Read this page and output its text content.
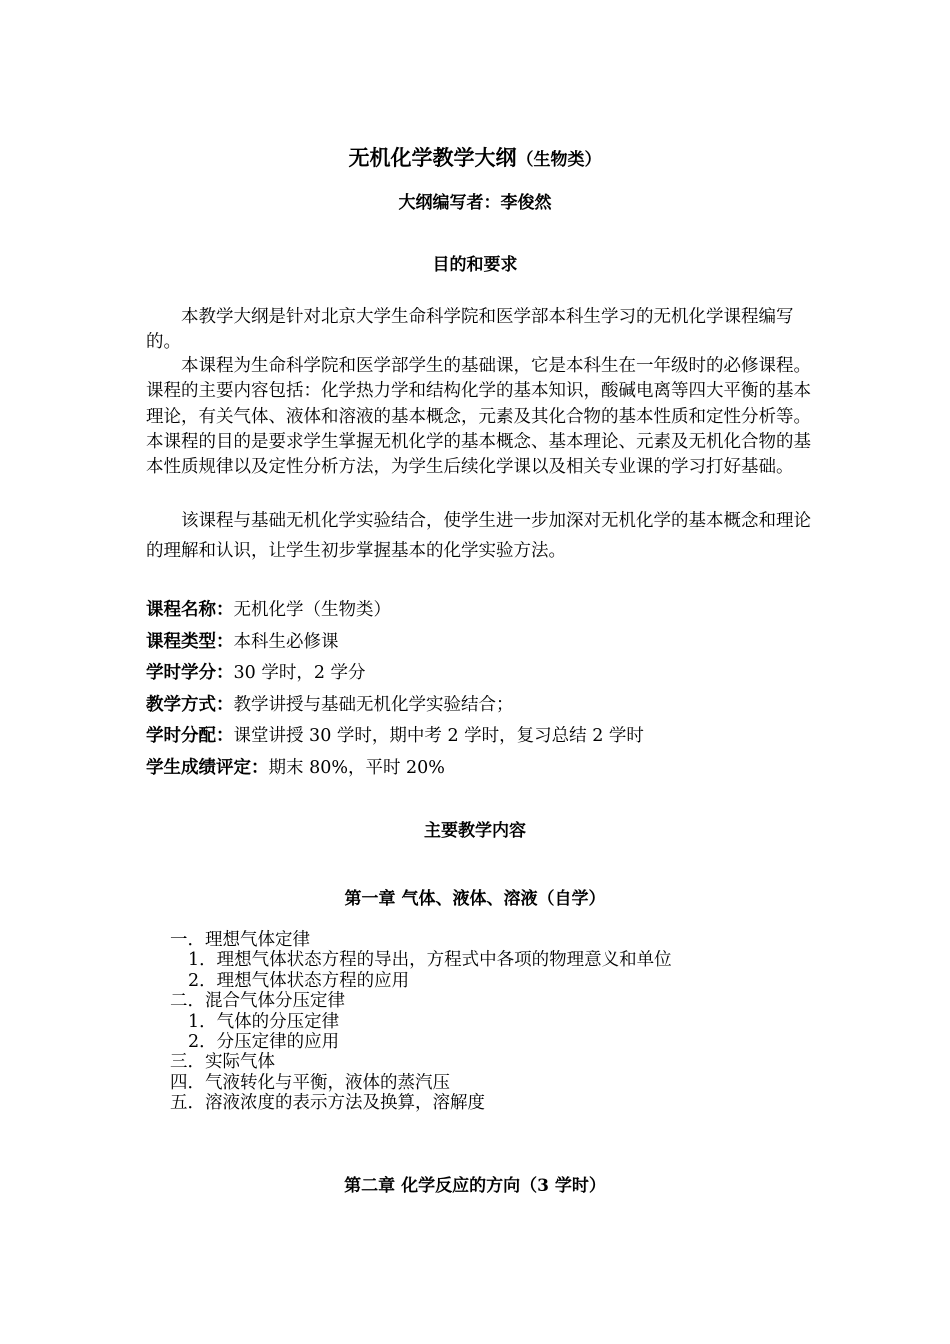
无机化学教学大纲（生物类）
大纲编写者：李俊然
目的和要求

本教学大纲是针对北京大学生命科学院和医学部本科生学习的无机化学课程编写的。

本课程为生命科学院和医学部学生的基础课，它是本科生在一年级时的必修课程。课程的主要内容包括：化学热力学和结构化学的基本知识，酸碱电离等四大平衡的基本理论，有关气体、液体和溶液的基本概念，元素及其化合物的基本性质和定性分析等。本课程的目的是要求学生掌握无机化学的基本概念、基本理论、元素及无机化合物的基本性质规律以及定性分析方法，为学生后续化学课以及相关专业课的学习打好基础。

该课程与基础无机化学实验结合，使学生进一步加深对无机化学的基本概念和理论的理解和认识，让学生初步掌握基本的化学实验方法。

课程名称：无机化学（生物类）
课程类型：本科生必修课
学时学分：30 学时，2 学分
教学方式：教学讲授与基础无机化学实验结合；
学时分配：课堂讲授 30 学时，期中考 2 学时，复习总结 2 学时
学生成绩评定：期末 80%，平时 20%
主要教学内容
第一章 气体、液体、溶液（自学）
一．理想气体定律
1．理想气体状态方程的导出，方程式中各项的物理意义和单位
2．理想气体状态方程的应用
二．混合气体分压定律
1．气体的分压定律
2．分压定律的应用
三．实际气体
四．气液转化与平衡，液体的蒸汽压
五．溶液浓度的表示方法及换算，溶解度
第二章 化学反应的方向（3 学时）
